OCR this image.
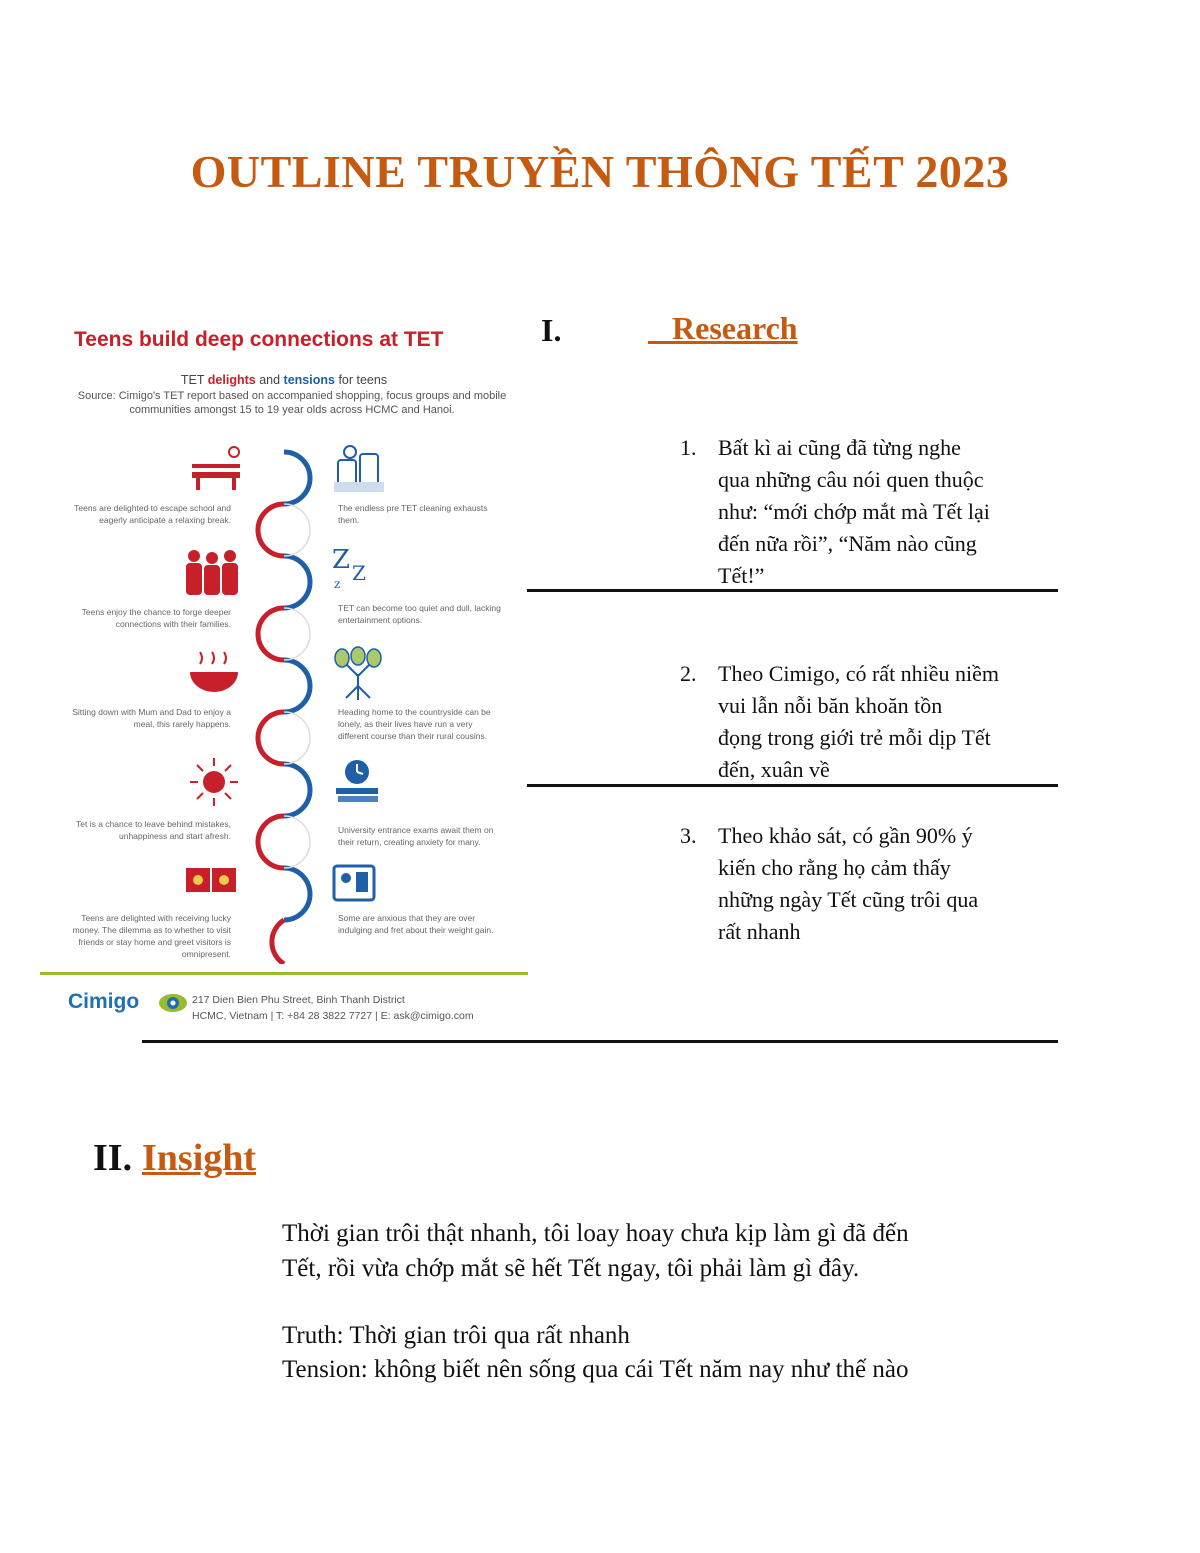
OUTLINE TRUYỀN THÔNG TẾT 2023
Teens build deep connections at TET
TET delights and tensions for teens
Source: Cimigo's TET report based on accompanied shopping, focus groups and mobile communities amongst 15 to 19 year olds across HCMC and Hanoi.
Teens are delighted to escape school and eagerly anticipate a relaxing break.
Teens enjoy the chance to forge deeper connections with their families.
Sitting down with Mum and Dad to enjoy a meal, this rarely happens.
Tet is a chance to leave behind mistakes, unhappiness and start afresh.
Teens are delighted with receiving lucky money. The dilemma as to whether to visit friends or stay home and greet visitors is omnipresent.
Z Z
z
The endless pre TET cleaning exhausts them.
TET can become too quiet and dull, lacking entertainment options.
Heading home to the countryside can be lonely, as their lives have run a very different course than their rural cousins.
University entrance exams await them on their return, creating anxiety for many.
Some are anxious that they are over indulging and fret about their weight gain.
Cimigo	217 Dien Bien Phu Street, Binh Thanh District
HCMC, Vietnam | T: +84 28 3822 7727 | E: ask@cimigo.com
I.	Research
1. Bất kì ai cũng đã từng nghe
qua những câu nói quen thuộc
như: “mới chớp mắt mà Tết lại
đến nữa rồi”, “Năm nào cũng
Tết!”
2. Theo Cimigo, có rất nhiều niềm
vui lẫn nỗi băn khoăn tồn
đọng trong giới trẻ mỗi dịp Tết
đến, xuân về
3. Theo khảo sát, có gần 90% ý
kiến cho rằng họ cảm thấy
những ngày Tết cũng trôi qua
rất nhanh
II. Insight

Thời gian trôi thật nhanh, tôi loay hoay chưa kịp làm gì đã đến
Tết, rồi vừa chớp mắt sẽ hết Tết ngay, tôi phải làm gì đây.

Truth: Thời gian trôi qua rất nhanh

Tension: không biết nên sống qua cái Tết năm nay như thế nào
